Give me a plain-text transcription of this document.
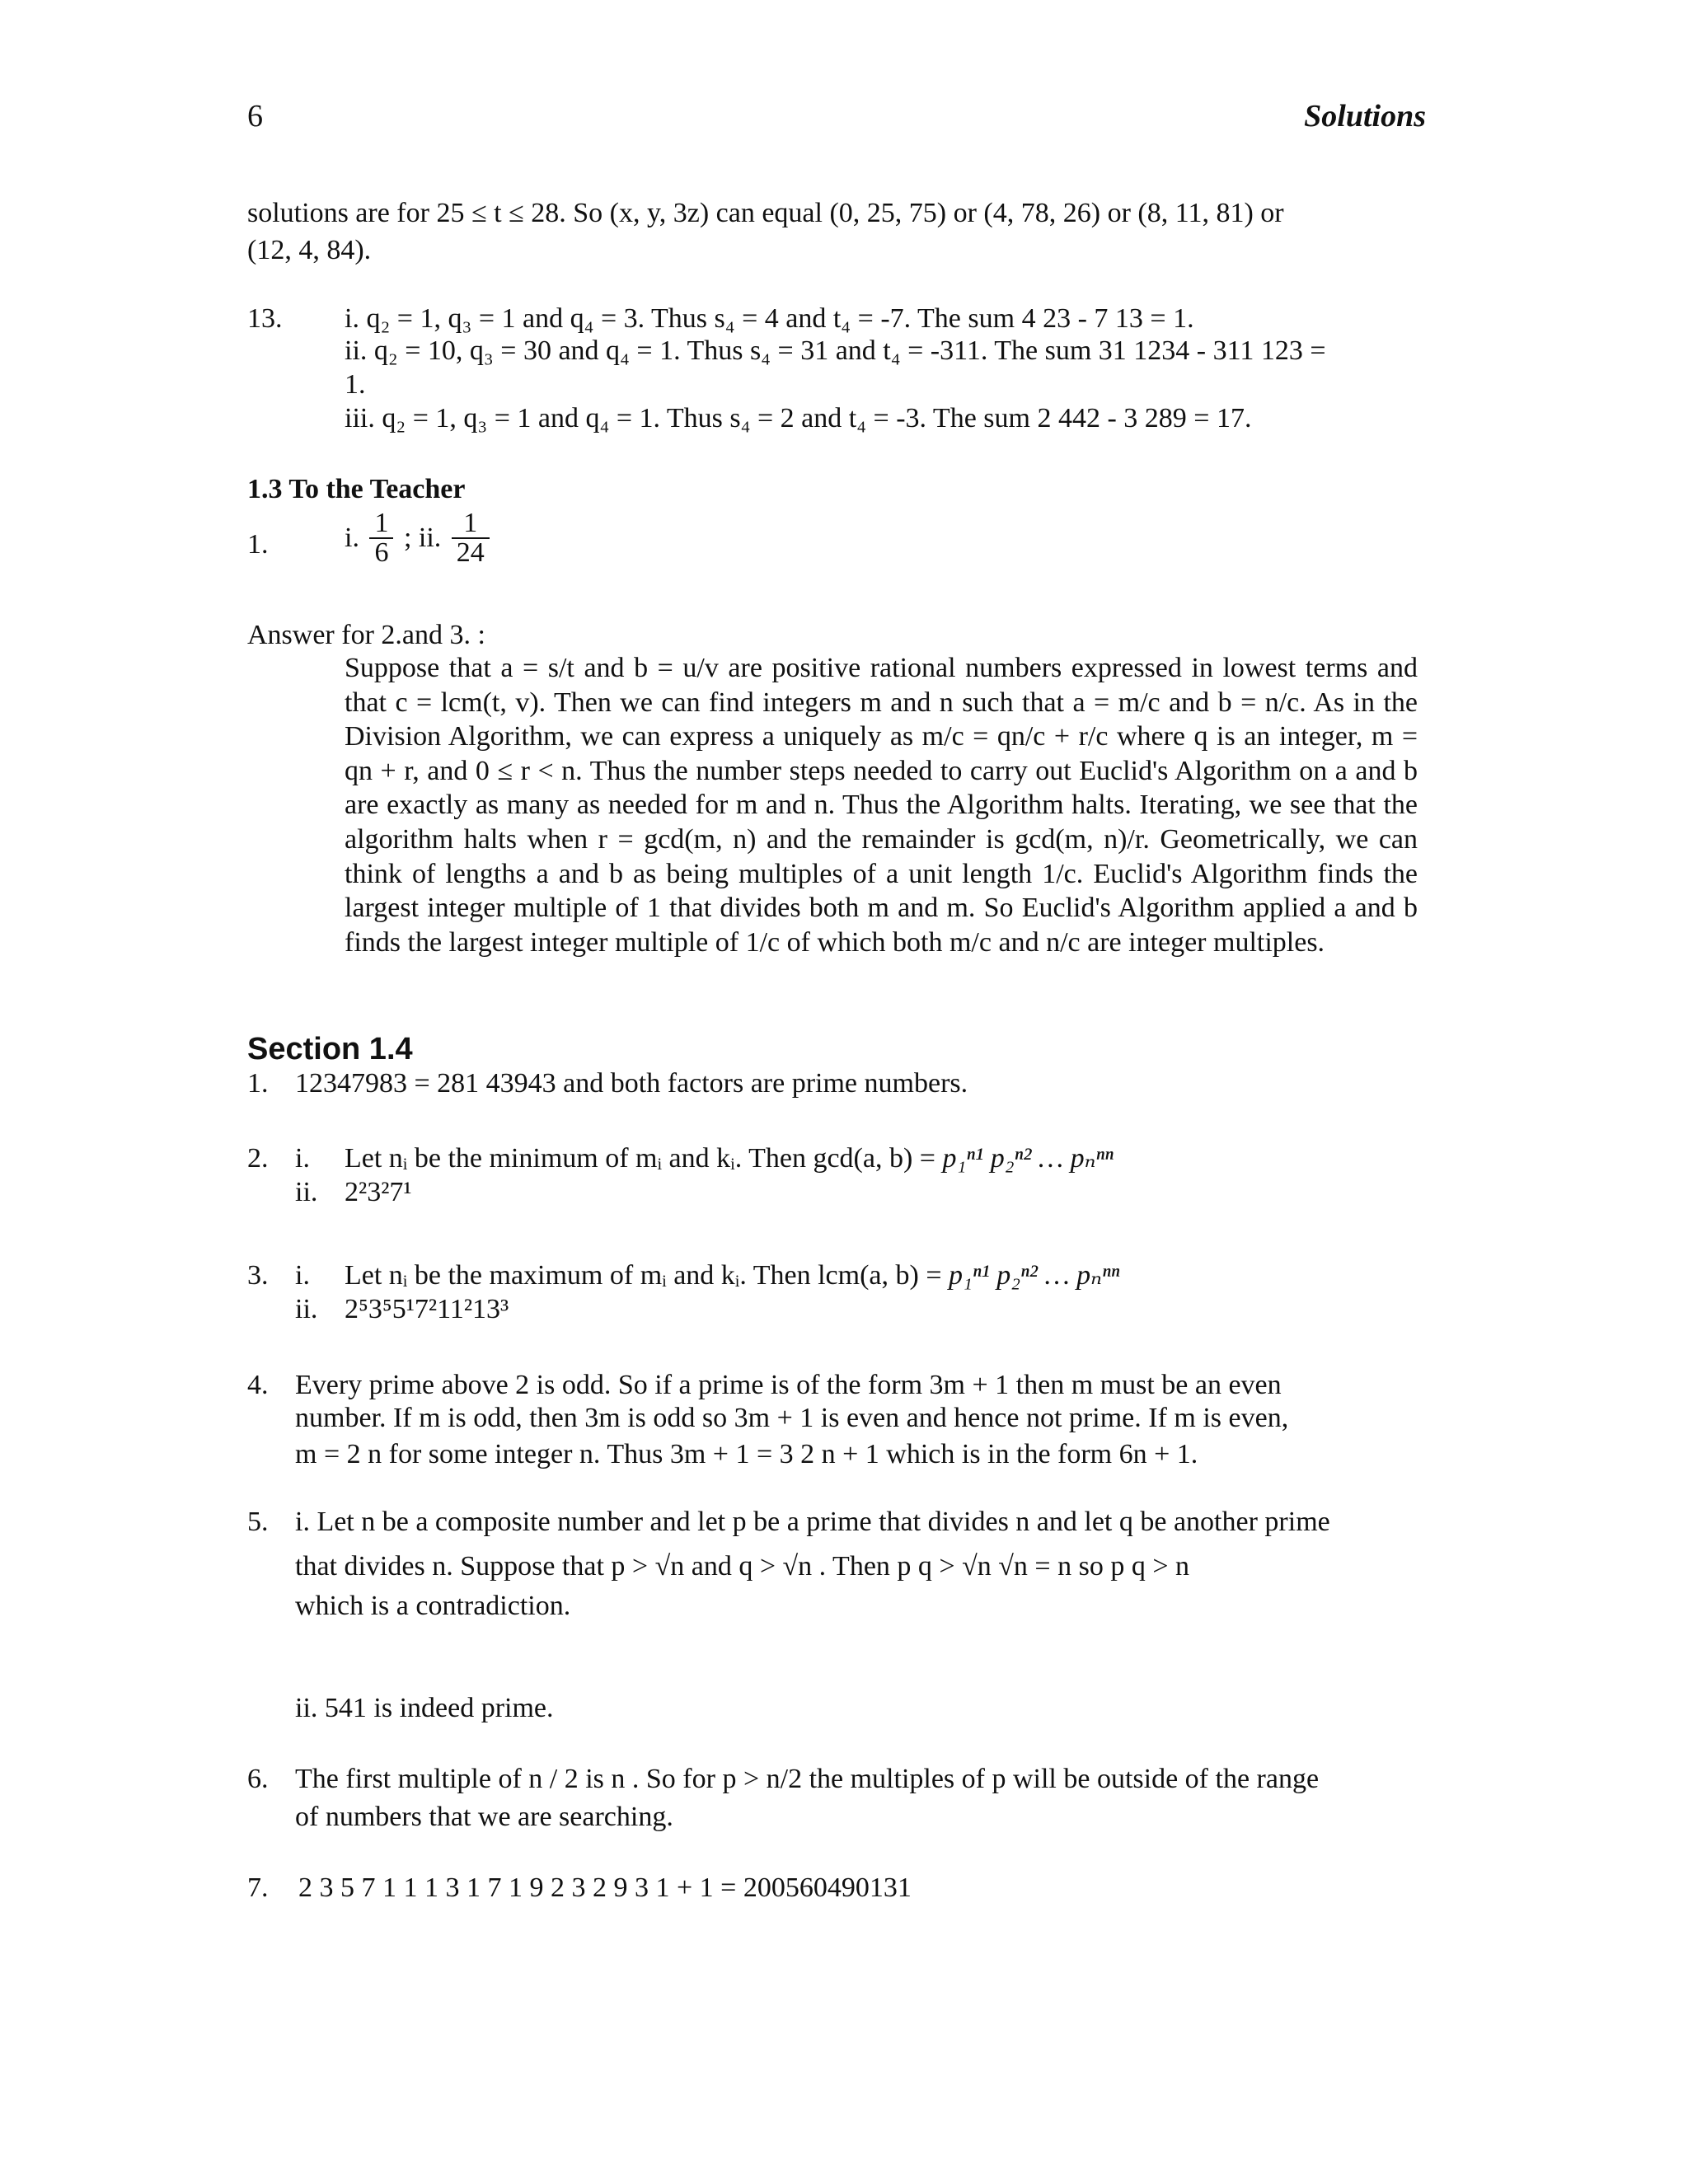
6	Solutions
solutions are for 25 ≤ t ≤ 28. So (x, y, 3z) can equal (0, 25, 75) or (4, 78, 26) or (8, 11, 81) or
(12, 4, 84).
13. i. q₂ = 1, q₃ = 1 and q₄ = 3. Thus s₄ = 4 and t₄ = -7. The sum 4 23 - 7 13 = 1.
ii. q₂ = 10, q₃ = 30 and q₄ = 1. Thus s₄ = 31 and t₄ = -311. The sum 31 1234 - 311 123 =
1.
iii. q₂ = 1, q₃ = 1 and q₄ = 1. Thus s₄ = 2 and t₄ = -3. The sum 2 442 - 3 289 = 17.
1.3 To the Teacher
1.	i. $\frac{1}{6}$ ; ii. $\frac{1}{24}$
Answer for 2.and 3. :
Suppose that a = s/t and b = u/v are positive rational numbers expressed in lowest terms and that c = lcm(t, v). Then we can find integers m and n such that a = m/c and b = n/c. As in the Division Algorithm, we can express a uniquely as m/c = qn/c + r/c where q is an integer, m = qn + r, and 0 ≤ r < n. Thus the number steps needed to carry out Euclid's Algorithm on a and b are exactly as many as needed for m and n. Thus the Algorithm halts. Iterating, we see that the algorithm halts when r = gcd(m, n) and the remainder is gcd(m, n)/r. Geometrically, we can think of lengths a and b as being multiples of a unit length 1/c. Euclid's Algorithm finds the largest integer multiple of 1 that divides both m and m. So Euclid's Algorithm applied a and b finds the largest integer multiple of 1/c of which both m/c and n/c are integer multiples.
Section 1.4
1. 12347983 = 281 43943 and both factors are prime numbers.
2. i. Let nᵢ be the minimum of mᵢ and kᵢ. Then gcd(a, b) = p₁ⁿ¹ p₂ⁿ² … pₙⁿⁿ
ii. 2²3²7¹
3. i. Let nᵢ be the maximum of mᵢ and kᵢ. Then lcm(a, b) = p₁ⁿ¹ p₂ⁿ² … pₙⁿⁿ
ii. 2⁵3⁵5¹7²11²13³
4. Every prime above 2 is odd. So if a prime is of the form 3m + 1 then m must be an even
number. If m is odd, then 3m is odd so 3m + 1 is even and hence not prime. If m is even,
m = 2 n for some integer n. Thus 3m + 1 = 3 2 n + 1 which is in the form 6n + 1.
5. i. Let n be a composite number and let p be a prime that divides n and let q be another prime
that divides n. Suppose that p > √n and q > √n . Then p q > √n √n = n so p q > n
which is a contradiction.
ii. 541 is indeed prime.
6. The first multiple of n / 2 is n . So for p > n/2 the multiples of p will be outside of the range
of numbers that we are searching.
7. 2 3 5 7 1 1 1 3 1 7 1 9 2 3 2 9 3 1 + 1 = 200560490131
